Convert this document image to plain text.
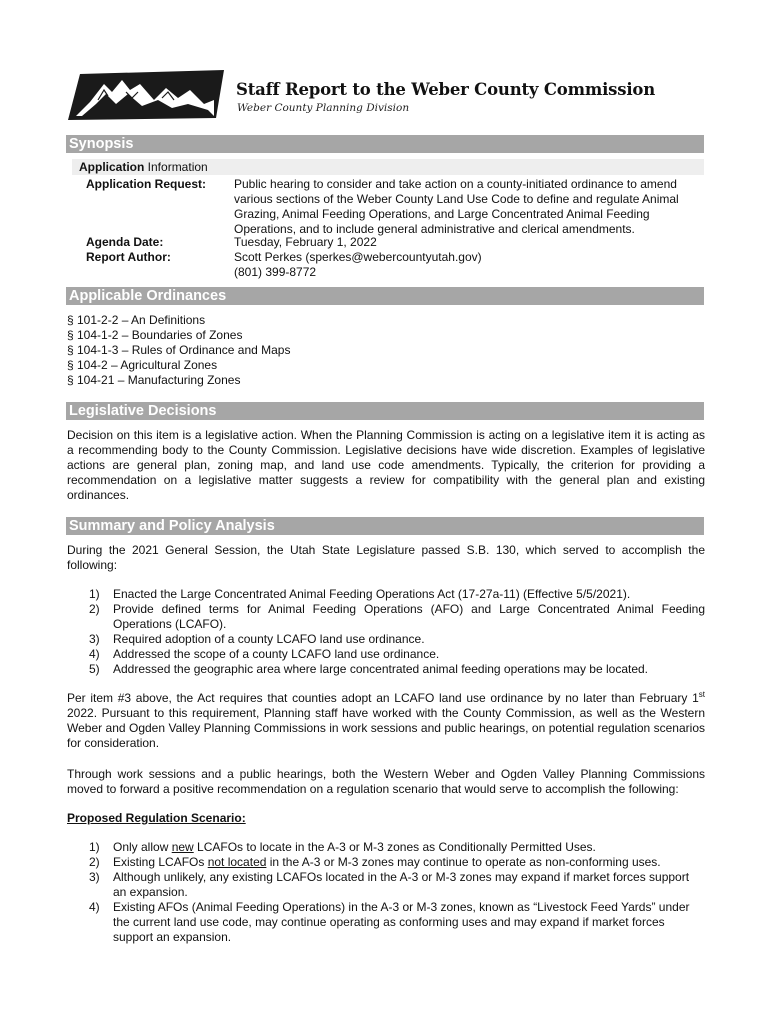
Staff Report to the Weber County Commission
Weber County Planning Division
Synopsis
Application Information
Application Request: Public hearing to consider and take action on a county-initiated ordinance to amend various sections of the Weber County Land Use Code to define and regulate Animal Grazing, Animal Feeding Operations, and Large Concentrated Animal Feeding Operations, and to include general administrative and clerical amendments.
Agenda Date:	Tuesday, February 1, 2022
Report Author:	Scott Perkes (sperkes@webercountyutah.gov)
(801) 399-8772
Applicable Ordinances
§ 101-2-2 – An Definitions
§ 104-1-2 – Boundaries of Zones
§ 104-1-3 – Rules of Ordinance and Maps
§ 104-2 – Agricultural Zones
§ 104-21 – Manufacturing Zones
Legislative Decisions
Decision on this item is a legislative action. When the Planning Commission is acting on a legislative item it is acting as a recommending body to the County Commission. Legislative decisions have wide discretion. Examples of legislative actions are general plan, zoning map, and land use code amendments. Typically, the criterion for providing a recommendation on a legislative matter suggests a review for compatibility with the general plan and existing ordinances.
Summary and Policy Analysis
During the 2021 General Session, the Utah State Legislature passed S.B. 130, which served to accomplish the following:
1) Enacted the Large Concentrated Animal Feeding Operations Act (17-27a-11) (Effective 5/5/2021).
2) Provide defined terms for Animal Feeding Operations (AFO) and Large Concentrated Animal Feeding Operations (LCAFO).
3) Required adoption of a county LCAFO land use ordinance.
4) Addressed the scope of a county LCAFO land use ordinance.
5) Addressed the geographic area where large concentrated animal feeding operations may be located.
Per item #3 above, the Act requires that counties adopt an LCAFO land use ordinance by no later than February 1st 2022. Pursuant to this requirement, Planning staff have worked with the County Commission, as well as the Western Weber and Ogden Valley Planning Commissions in work sessions and public hearings, on potential regulation scenarios for consideration.
Through work sessions and a public hearings, both the Western Weber and Ogden Valley Planning Commissions moved to forward a positive recommendation on a regulation scenario that would serve to accomplish the following:
Proposed Regulation Scenario:
1) Only allow new LCAFOs to locate in the A-3 or M-3 zones as Conditionally Permitted Uses.
2) Existing LCAFOs not located in the A-3 or M-3 zones may continue to operate as non-conforming uses.
3) Although unlikely, any existing LCAFOs located in the A-3 or M-3 zones may expand if market forces support an expansion.
4) Existing AFOs (Animal Feeding Operations) in the A-3 or M-3 zones, known as “Livestock Feed Yards” under the current land use code, may continue operating as conforming uses and may expand if market forces support an expansion.
